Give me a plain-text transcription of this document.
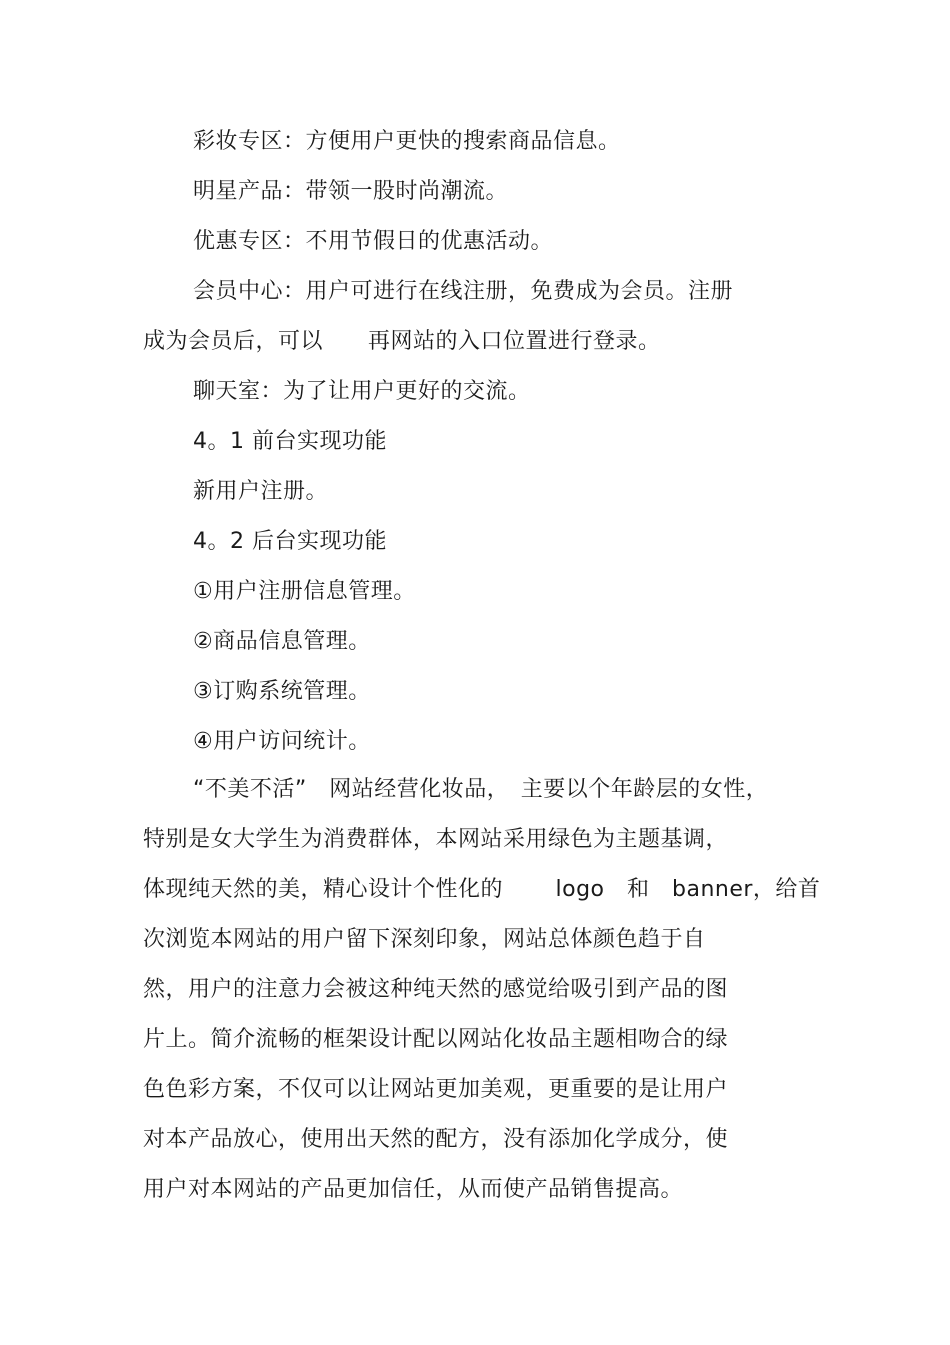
彩妆专区：方便用户更快的搜索商品信息。
明星产品：带领一股时尚潮流。
优惠专区：不用节假日的优惠活动。
会员中心：用户可进行在线注册，免费成为会员。注册
成为会员后，可以　　再网站的入口位置进行登录。
聊天室：为了让用户更好的交流。
4。1 前台实现功能
新用户注册。
4。2 后台实现功能
①用户注册信息管理。
②商品信息管理。
③订购系统管理。
④用户访问统计。
“不美不活”　网站经营化妆品，　主要以个年龄层的女性，
特别是女大学生为消费群体，本网站采用绿色为主题基调，
体现纯天然的美，精心设计个性化的　　 logo　和　banner，给首
次浏览本网站的用户留下深刻印象，网站总体颜色趋于自
然，用户的注意力会被这种纯天然的感觉给吸引到产品的图
片上。简介流畅的框架设计配以网站化妆品主题相吻合的绿
色色彩方案，不仅可以让网站更加美观，更重要的是让用户
对本产品放心，使用出天然的配方，没有添加化学成分，使
用户对本网站的产品更加信任，从而使产品销售提高。
